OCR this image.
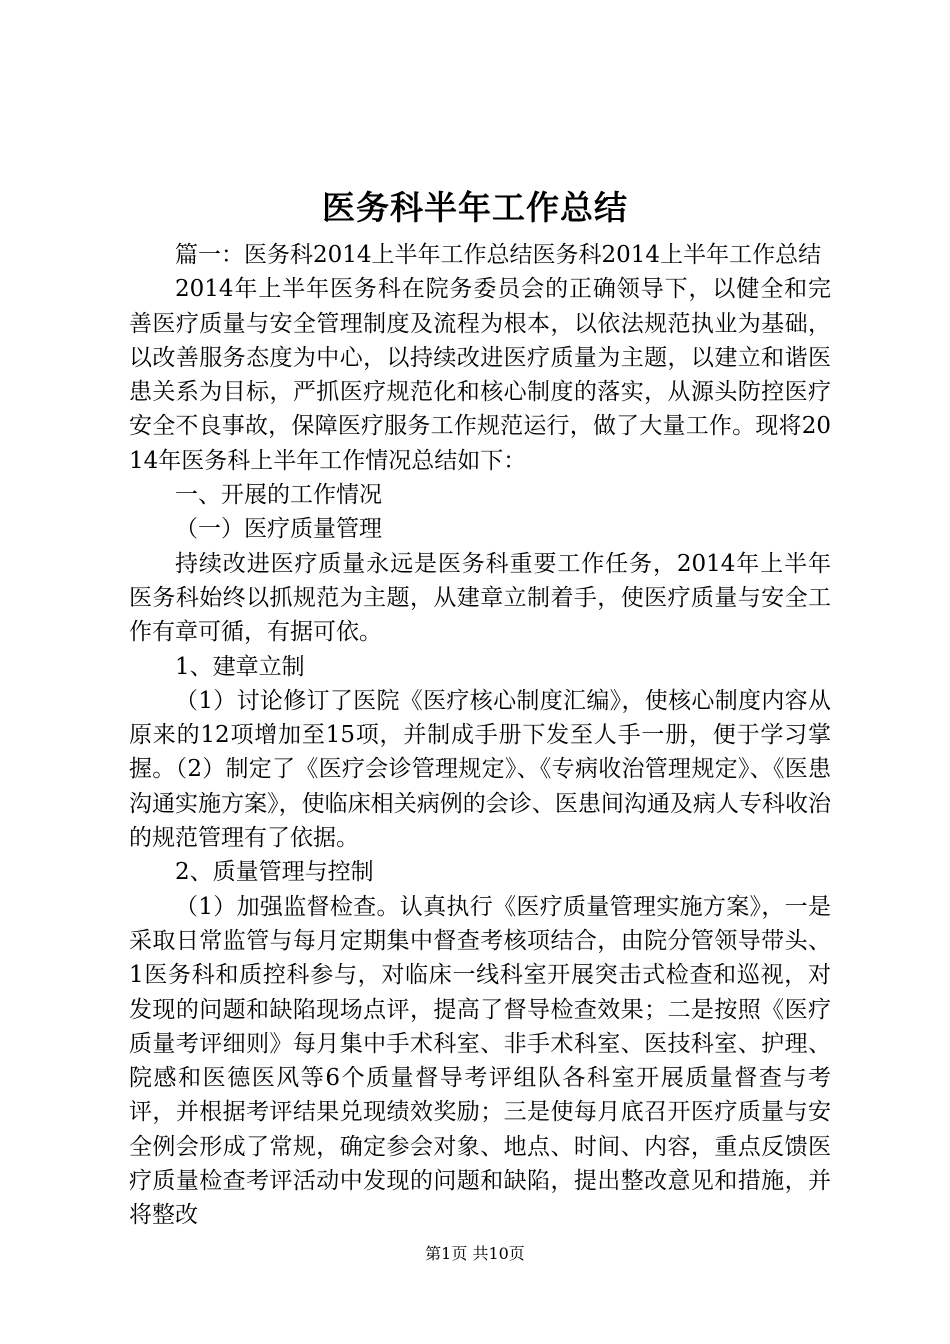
医务科半年工作总结

篇一：医务科2014上半年工作总结医务科2014上半年工作总结

2014年上半年医务科在院务委员会的正确领导下，以健全和完善医疗质量与安全管理制度及流程为根本，以依法规范执业为基础，以改善服务态度为中心，以持续改进医疗质量为主题，以建立和谐医患关系为目标，严抓医疗规范化和核心制度的落实，从源头防控医疗安全不良事故，保障医疗服务工作规范运行，做了大量工作。现将2014年医务科上半年工作情况总结如下：

一、开展的工作情况

（一）医疗质量管理

持续改进医疗质量永远是医务科重要工作任务，2014年上半年医务科始终以抓规范为主题，从建章立制着手，使医疗质量与安全工作有章可循，有据可依。

1、建章立制

（1）讨论修订了医院《医疗核心制度汇编》，使核心制度内容从原来的12项增加至15项，并制成手册下发至人手一册，便于学习掌握。（2）制定了《医疗会诊管理规定》、《专病收治管理规定》、《医患沟通实施方案》，使临床相关病例的会诊、医患间沟通及病人专科收治的规范管理有了依据。

2、质量管理与控制

（1）加强监督检查。认真执行《医疗质量管理实施方案》，一是采取日常监管与每月定期集中督查考核项结合，由院分管领导带头、1医务科和质控科参与，对临床一线科室开展突击式检查和巡视，对发现的问题和缺陷现场点评，提高了督导检查效果；二是按照《医疗质量考评细则》每月集中手术科室、非手术科室、医技科室、护理、院感和医德医风等6个质量督导考评组队各科室开展质量督查与考评，并根据考评结果兑现绩效奖励；三是使每月底召开医疗质量与安全例会形成了常规，确定参会对象、地点、时间、内容，重点反馈医疗质量检查考评活动中发现的问题和缺陷，提出整改意见和措施，并将整改

第1页 共10页
